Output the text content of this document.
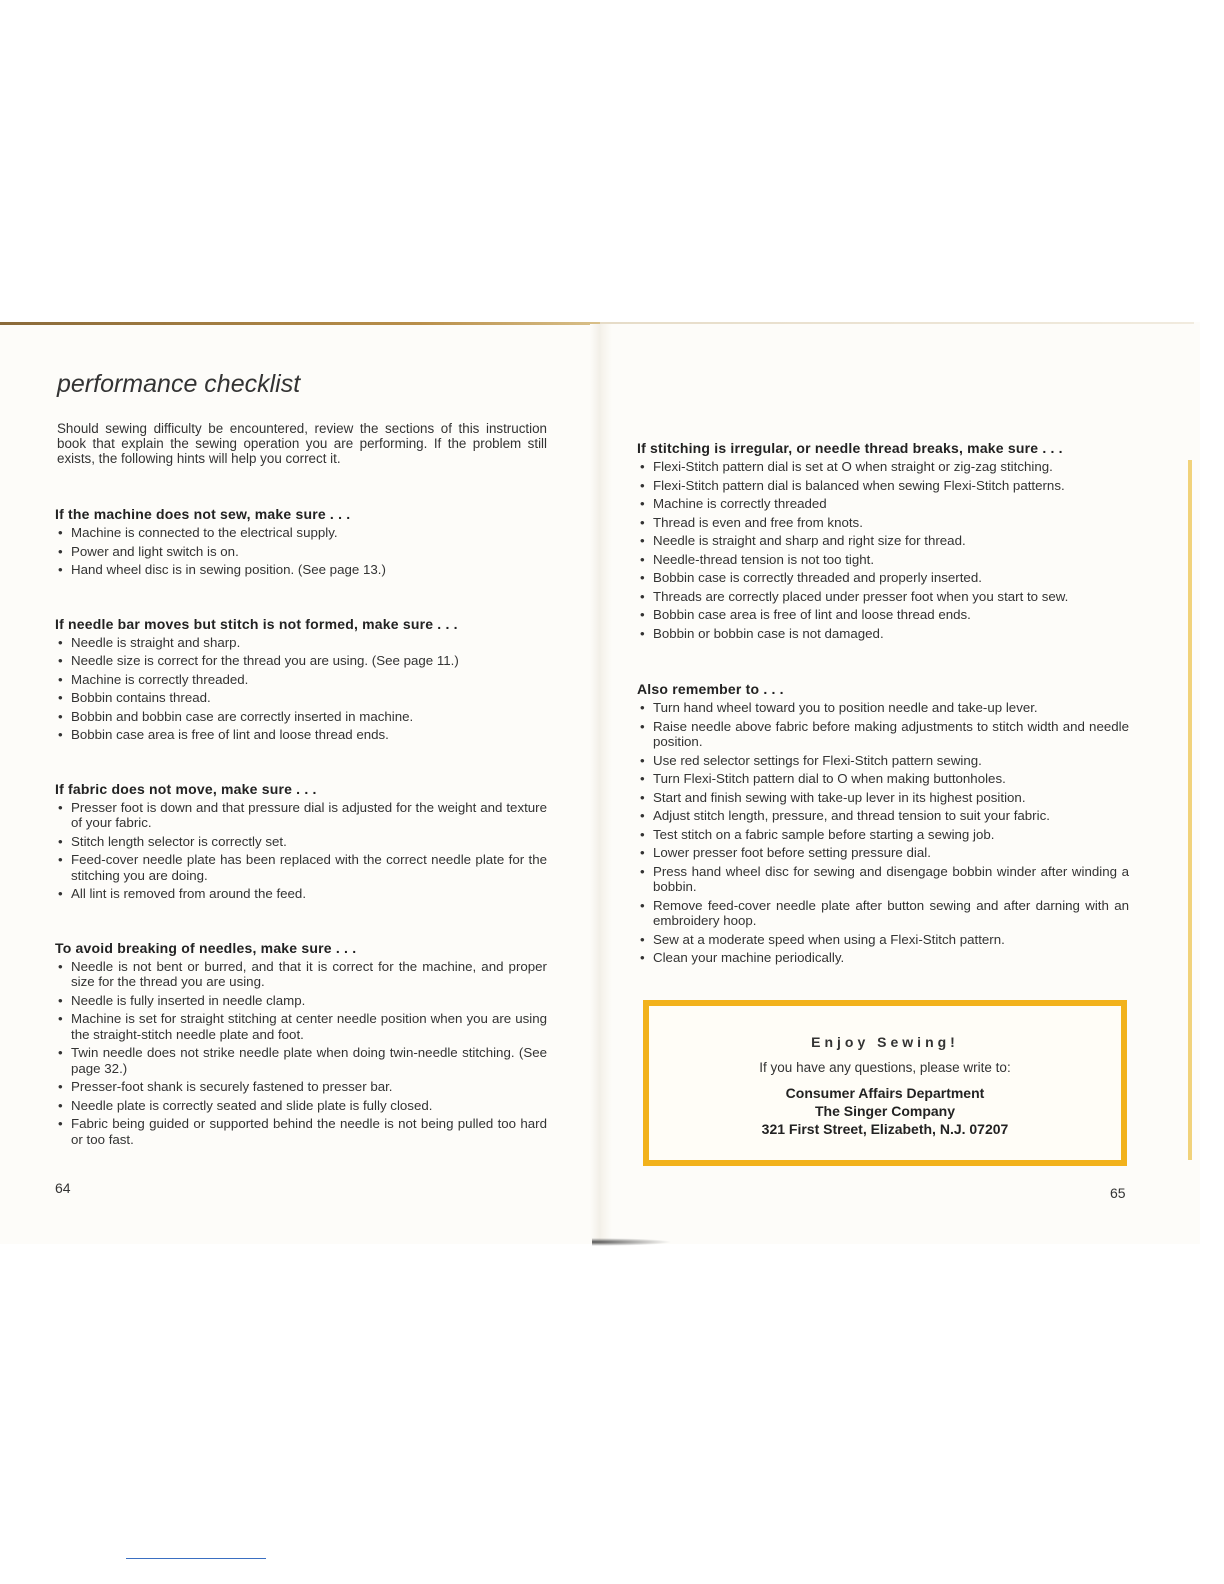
performance checklist

Should sewing difficulty be encountered, review the sections of this instruction book that explain the sewing operation you are performing. If the problem still exists, the following hints will help you correct it.

If the machine does not sew, make sure . . .
• Machine is connected to the electrical supply.
• Power and light switch is on.
• Hand wheel disc is in sewing position. (See page 13.)
If needle bar moves but stitch is not formed, make sure . . .
• Needle is straight and sharp.
• Needle size is correct for the thread you are using. (See page 11.)
• Machine is correctly threaded.
• Bobbin contains thread.
• Bobbin and bobbin case are correctly inserted in machine.
• Bobbin case area is free of lint and loose thread ends.
If fabric does not move, make sure . . .
• Presser foot is down and that pressure dial is adjusted for the weight and texture of your fabric.
• Stitch length selector is correctly set.
• Feed-cover needle plate has been replaced with the correct needle plate for the stitching you are doing.
• All lint is removed from around the feed.
To avoid breaking of needles, make sure . . .
• Needle is not bent or burred, and that it is correct for the machine, and proper size for the thread you are using.
• Needle is fully inserted in needle clamp.
• Machine is set for straight stitching at center needle position when you are using the straight-stitch needle plate and foot.
• Twin needle does not strike needle plate when doing twin-needle stitching. (See page 32.)
• Presser-foot shank is securely fastened to presser bar.
• Needle plate is correctly seated and slide plate is fully closed.
• Fabric being guided or supported behind the needle is not being pulled too hard or too fast.
64
If stitching is irregular, or needle thread breaks, make sure . . .
• Flexi-Stitch pattern dial is set at O when straight or zig-zag stitching.
• Flexi-Stitch pattern dial is balanced when sewing Flexi-Stitch patterns.
• Machine is correctly threaded
• Thread is even and free from knots.
• Needle is straight and sharp and right size for thread.
• Needle-thread tension is not too tight.
• Bobbin case is correctly threaded and properly inserted.
• Threads are correctly placed under presser foot when you start to sew.
• Bobbin case area is free of lint and loose thread ends.
• Bobbin or bobbin case is not damaged.
Also remember to . . .
• Turn hand wheel toward you to position needle and take-up lever.
• Raise needle above fabric before making adjustments to stitch width and needle position.
• Use red selector settings for Flexi-Stitch pattern sewing.
• Turn Flexi-Stitch pattern dial to O when making buttonholes.
• Start and finish sewing with take-up lever in its highest position.
• Adjust stitch length, pressure, and thread tension to suit your fabric.
• Test stitch on a fabric sample before starting a sewing job.
• Lower presser foot before setting pressure dial.
• Press hand wheel disc for sewing and disengage bobbin winder after winding a bobbin.
• Remove feed-cover needle plate after button sewing and after darning with an embroidery hoop.
• Sew at a moderate speed when using a Flexi-Stitch pattern.
• Clean your machine periodically.
Enjoy Sewing!
If you have any questions, please write to:
Consumer Affairs Department
The Singer Company
321 First Street, Elizabeth, N.J. 07207
65
